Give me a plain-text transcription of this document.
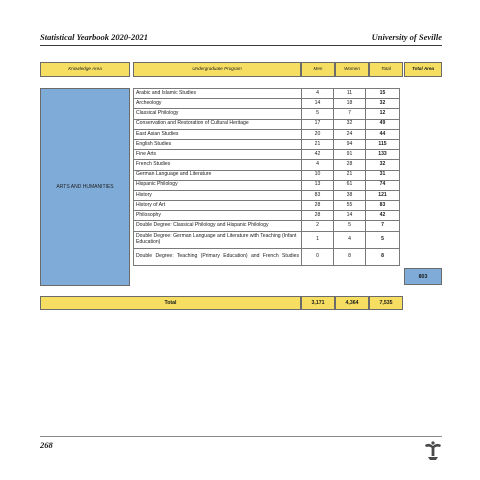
Statistical Yearbook 2020-2021	University of Seville
Knowledge Area	Undergraduate Program	Men	Women	Total	Total Area
ARTS AND HUMANITIES
Arabic and Islamic Studies	4	11	15
Archeology	14	18	32
Classical Philology	5	7	12
Conservation and Restoration of Cultural Heritage	17	32	49
East Asian Studies	20	24	44
English Studies	21	94	115
Fine Arts	42	91	133
French Studies	4	28	32
German Language and Literature	10	21	31
Hispanic Philology	13	61	74
History	83	38	121
History of Art	28	55	83
Philosophy	28	14	42
Double Degree: Classical Philology and Hispanic Philology	2	5	7
Double Degree: German Language and Literature with Teaching (Infant Education)	1	4	5
Double Degree: Teaching (Primary Education) and French Studies	0	8	8
803
Total	3,171	4,364	7,535
268
